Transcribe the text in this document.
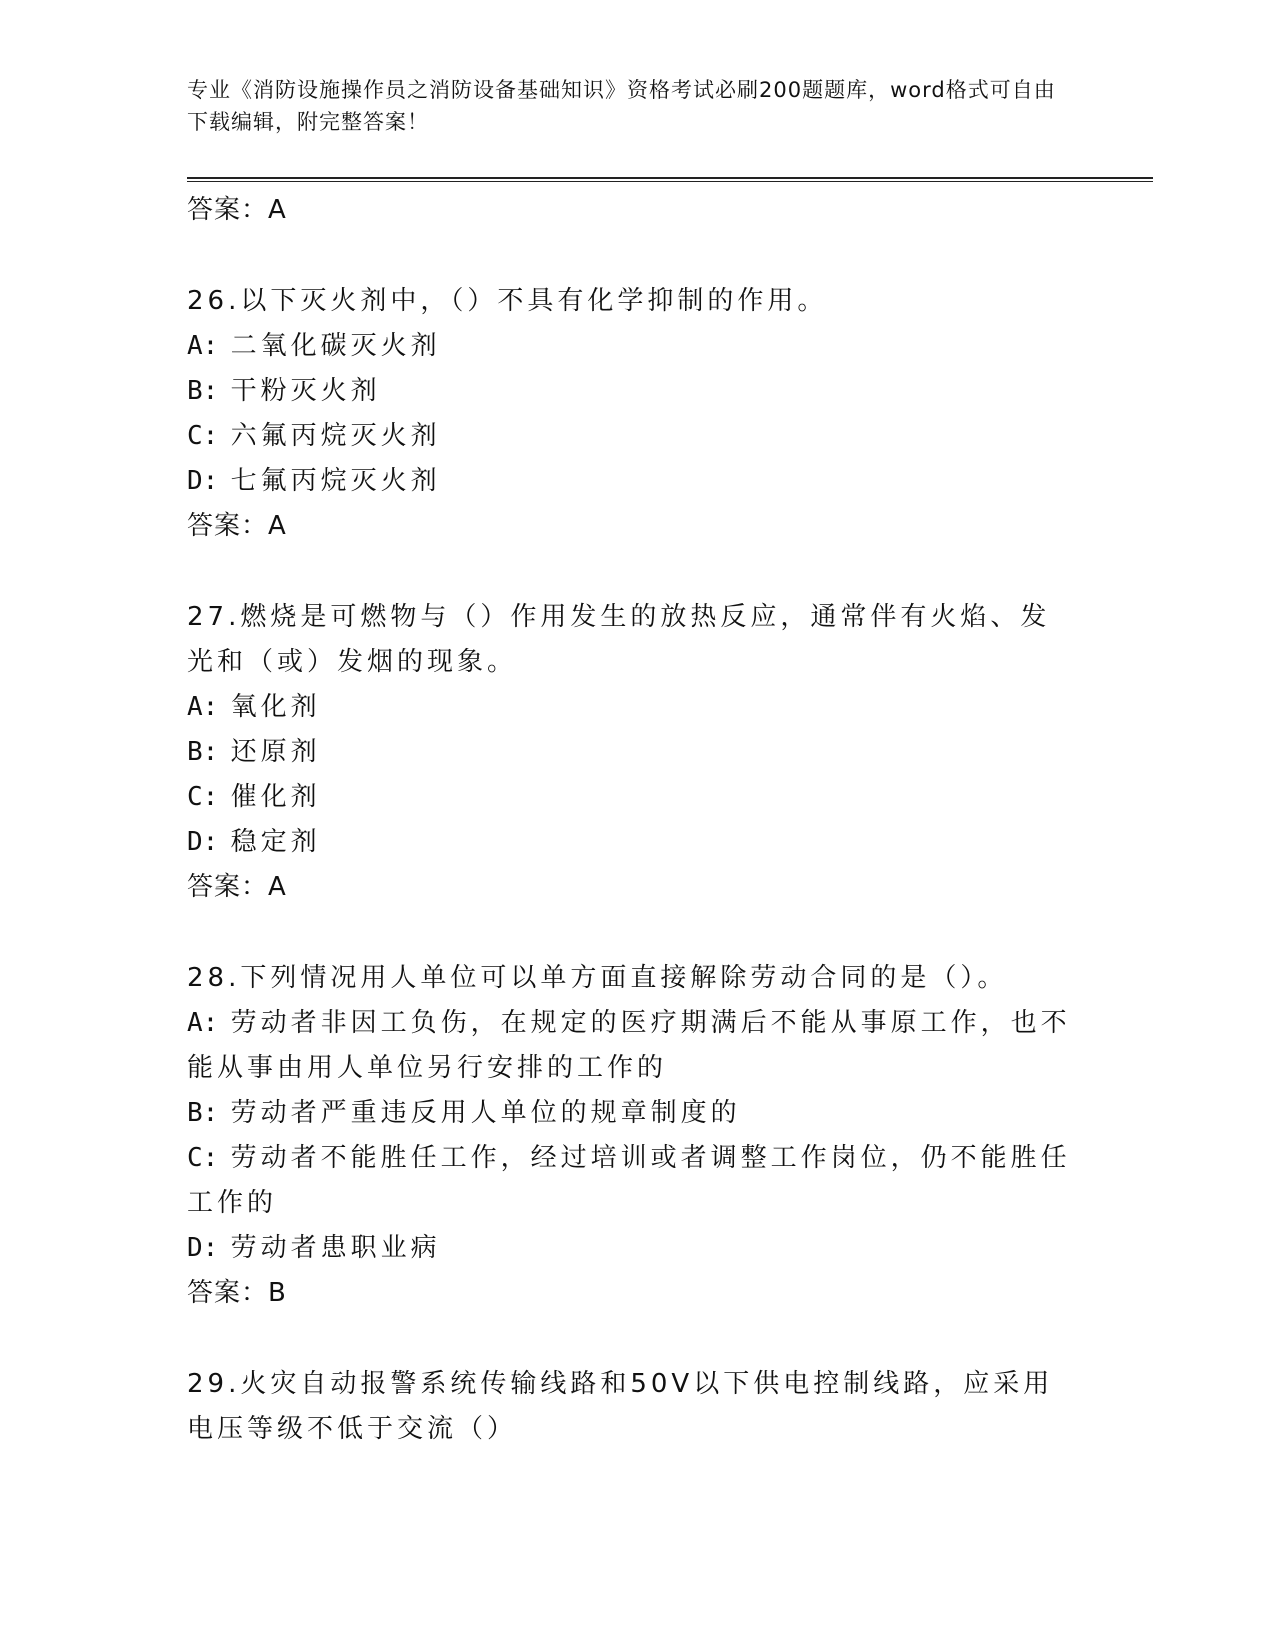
专业《消防设施操作员之消防设备基础知识》资格考试必刷200题题库，word格式可自由下载编辑，附完整答案！

答案：A

26.以下灭火剂中，（）不具有化学抑制的作用。

A: 二氧化碳灭火剂

B: 干粉灭火剂

C: 六氟丙烷灭火剂

D: 七氟丙烷灭火剂

答案：A

27.燃烧是可燃物与（）作用发生的放热反应，通常伴有火焰、发光和（或）发烟的现象。

A: 氧化剂

B: 还原剂

C: 催化剂

D: 稳定剂

答案：A

28.下列情况用人单位可以单方面直接解除劳动合同的是（）。

A: 劳动者非因工负伤，在规定的医疗期满后不能从事原工作，也不能从事由用人单位另行安排的工作的

B: 劳动者严重违反用人单位的规章制度的

C: 劳动者不能胜任工作，经过培训或者调整工作岗位，仍不能胜任工作的

D: 劳动者患职业病

答案：B

29.火灾自动报警系统传输线路和50V以下供电控制线路，应采用电压等级不低于交流（）
